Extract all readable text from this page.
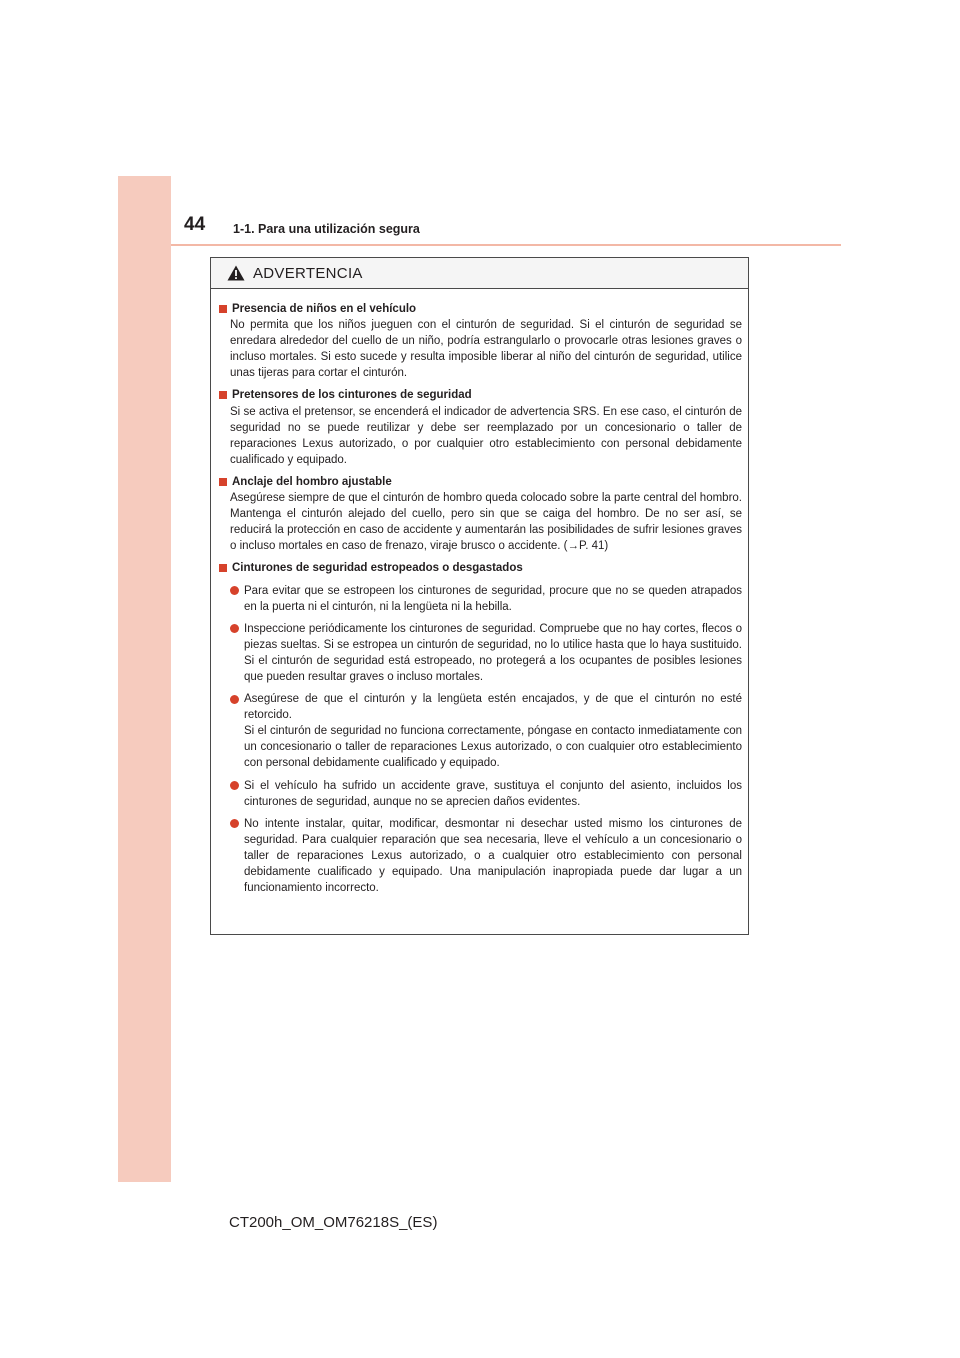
44 1-1. Para una utilización segura
ADVERTENCIA
Presencia de niños en el vehículo
No permita que los niños jueguen con el cinturón de seguridad. Si el cinturón de seguridad se enredara alrededor del cuello de un niño, podría estrangularlo o provocarle otras lesiones graves o incluso mortales. Si esto sucede y resulta imposible liberar al niño del cinturón de seguridad, utilice unas tijeras para cortar el cinturón.
Pretensores de los cinturones de seguridad
Si se activa el pretensor, se encenderá el indicador de advertencia SRS. En ese caso, el cinturón de seguridad no se puede reutilizar y debe ser reemplazado por un concesionario o taller de reparaciones Lexus autorizado, o por cualquier otro establecimiento con personal debidamente cualificado y equipado.
Anclaje del hombro ajustable
Asegúrese siempre de que el cinturón de hombro queda colocado sobre la parte central del hombro. Mantenga el cinturón alejado del cuello, pero sin que se caiga del hombro. De no ser así, se reducirá la protección en caso de accidente y aumentarán las posibilidades de sufrir lesiones graves o incluso mortales en caso de frenazo, viraje brusco o accidente. (→P. 41)
Cinturones de seguridad estropeados o desgastados
Para evitar que se estropeen los cinturones de seguridad, procure que no se queden atrapados en la puerta ni el cinturón, ni la lengüeta ni la hebilla.
Inspeccione periódicamente los cinturones de seguridad. Compruebe que no hay cortes, flecos o piezas sueltas. Si se estropea un cinturón de seguridad, no lo utilice hasta que lo haya sustituido. Si el cinturón de seguridad está estropeado, no protegerá a los ocupantes de posibles lesiones que pueden resultar graves o incluso mortales.
Asegúrese de que el cinturón y la lengüeta estén encajados, y de que el cinturón no esté retorcido.
Si el cinturón de seguridad no funciona correctamente, póngase en contacto inmediatamente con un concesionario o taller de reparaciones Lexus autorizado, o con cualquier otro establecimiento con personal debidamente cualificado y equipado.
Si el vehículo ha sufrido un accidente grave, sustituya el conjunto del asiento, incluidos los cinturones de seguridad, aunque no se aprecien daños evidentes.
No intente instalar, quitar, modificar, desmontar ni desechar usted mismo los cinturones de seguridad. Para cualquier reparación que sea necesaria, lleve el vehículo a un concesionario o taller de reparaciones Lexus autorizado, o a cualquier otro establecimiento con personal debidamente cualificado y equipado. Una manipulación inapropiada puede dar lugar a un funcionamiento incorrecto.
CT200h_OM_OM76218S_(ES)
